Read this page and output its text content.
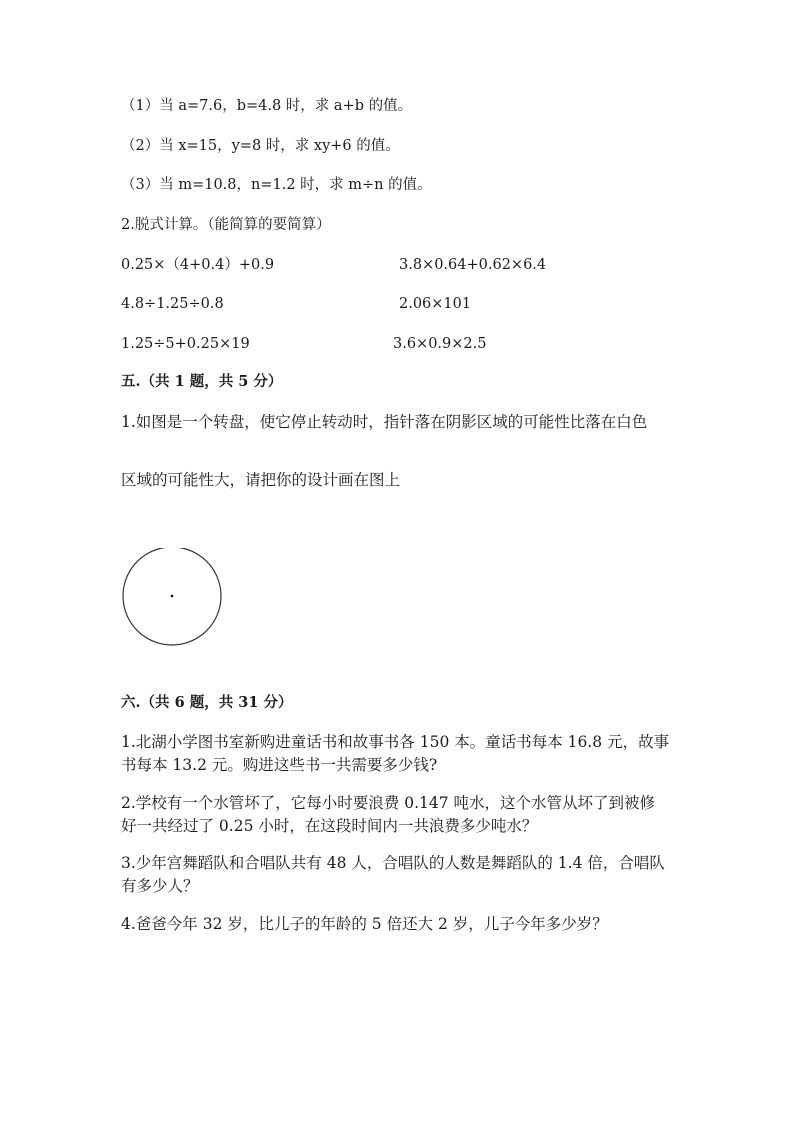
（1）当 a=7.6，b=4.8 时，求 a+b 的值。
（2）当 x=15，y=8 时，求 xy+6 的值。
（3）当 m=10.8，n=1.2 时，求 m÷n 的值。
2.脱式计算。（能简算的要简算）
0.25×（4+0.4）+0.9	3.8×0.64+0.62×6.4
4.8÷1.25÷0.8	2.06×101
1.25÷5+0.25×19	3.6×0.9×2.5
五.（共 1 题，共 5 分）
1.如图是一个转盘，使它停止转动时，指针落在阴影区域的可能性比落在白色
区域的可能性大，请把你的设计画在图上
六.（共 6 题，共 31 分）
1.北湖小学图书室新购进童话书和故事书各 150 本。童话书每本 16.8 元，故事
书每本 13.2 元。购进这些书一共需要多少钱?
2.学校有一个水管坏了，它每小时要浪费 0.147 吨水，这个水管从坏了到被修
好一共经过了 0.25 小时，在这段时间内一共浪费多少吨水？
3.少年宫舞蹈队和合唱队共有 48 人，合唱队的人数是舞蹈队的 1.4 倍，合唱队
有多少人？
4.爸爸今年 32 岁，比儿子的年龄的 5 倍还大 2 岁，儿子今年多少岁？
